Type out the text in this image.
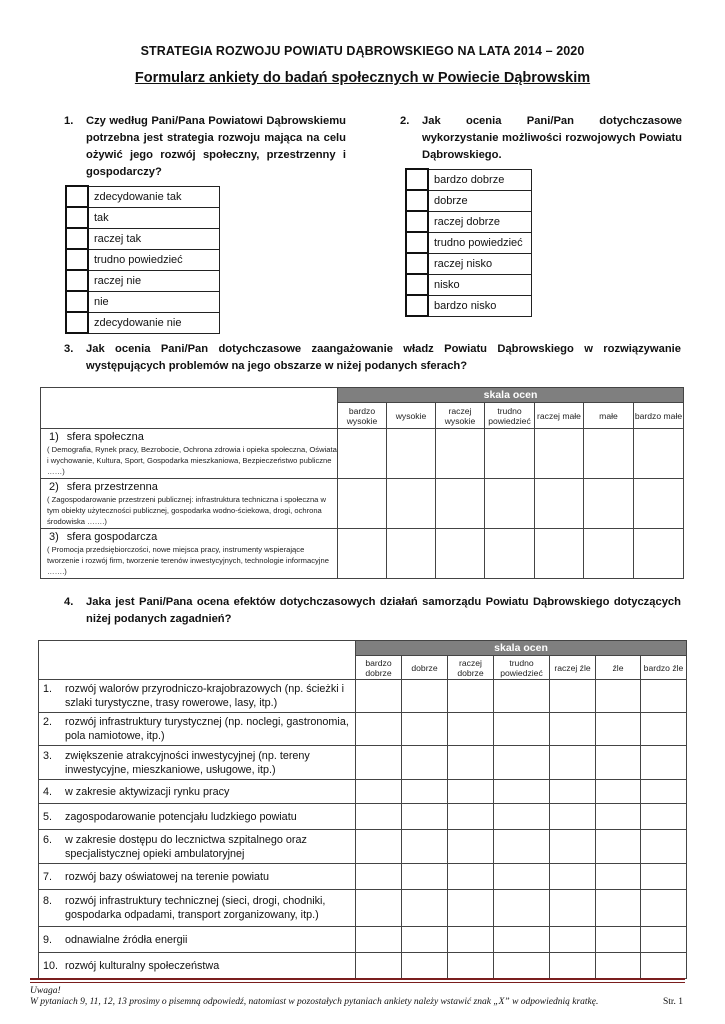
STRATEGIA ROZWOJU POWIATU DĄBROWSKIEGO NA LATA 2014 – 2020
Formularz ankiety do badań społecznych w Powiecie Dąbrowskim
1. Czy według Pani/Pana Powiatowi Dąbrowskiemu potrzebna jest strategia rozwoju mająca na celu ożywić jego rozwój społeczny, przestrzenny i gospodarczy?
	zdecydowanie tak

	tak

	raczej tak

	trudno powiedzieć

	raczej nie

	nie

	zdecydowanie nie
2. Jak ocenia Pani/Pan dotychczasowe wykorzystanie możliwości rozwojowych Powiatu Dąbrowskiego.
	bardzo dobrze

	dobrze

	raczej dobrze

	trudno powiedzieć

	raczej nisko

	nisko

	bardzo nisko
3. Jak ocenia Pani/Pan dotychczasowe zaangażowanie władz Powiatu Dąbrowskiego w rozwiązywanie występujących problemów na jego obszarze w niżej podanych sferach?
	skala ocen						
	bardzo wysokie	wysokie	raczej wysokie	trudno powiedzieć	raczej małe	małe	bardzo małe

1) sfera społeczna
( Demografia, Rynek pracy, Bezrobocie, Ochrona zdrowia i opieka społeczna, Oświata i wychowanie, Kultura, Sport, Gospodarka mieszkaniowa, Bezpieczeństwo publiczne ……)							

2) sfera przestrzenna
( Zagospodarowanie przestrzeni publicznej: infrastruktura techniczna i społeczna w tym obiekty użyteczności publicznej, gospodarka wodno-ściekowa, drogi, ochrona środowiska …….)							

3) sfera gospodarcza
( Promocja przedsiębiorczości, nowe miejsca pracy, instrumenty wspierające tworzenie i rozwój firm, tworzenie terenów inwestycyjnych, technologie informacyjne …….)							

4. Jaka jest Pani/Pana ocena efektów dotychczasowych działań samorządu Powiatu Dąbrowskiego dotyczących niżej podanych zagadnień?
	skala ocen						
	bardzo dobrze	dobrze	raczej dobrze	trudno powiedzieć	raczej źle	źle	bardzo źle
1. rozwój walorów przyrodniczo-krajobrazowych (np. ścieżki i szlaki turystyczne, trasy rowerowe, lasy, itp.)							
2. rozwój infrastruktury turystycznej (np. noclegi, gastronomia, pola namiotowe, itp.)							
3. zwiększenie atrakcyjności inwestycyjnej (np. tereny inwestycyjne, mieszkaniowe, usługowe, itp.)							
4. w zakresie aktywizacji rynku pracy							
5. zagospodarowanie potencjału ludzkiego powiatu							
6. w zakresie dostępu do lecznictwa szpitalnego oraz specjalistycznej opieki ambulatoryjnej							
7. rozwój bazy oświatowej na terenie powiatu							
8. rozwój infrastruktury technicznej (sieci, drogi, chodniki, gospodarka odpadami, transport zorganizowany, itp.)							
9. odnawialne źródła energii							
10. rozwój kulturalny społeczeństwa							
Uwaga!
W pytaniach 9, 11, 12, 13 prosimy o pisemną odpowiedź, natomiast w pozostałych pytaniach ankiety należy wstawić znak „X” w odpowiednią kratkę.	Str. 1
